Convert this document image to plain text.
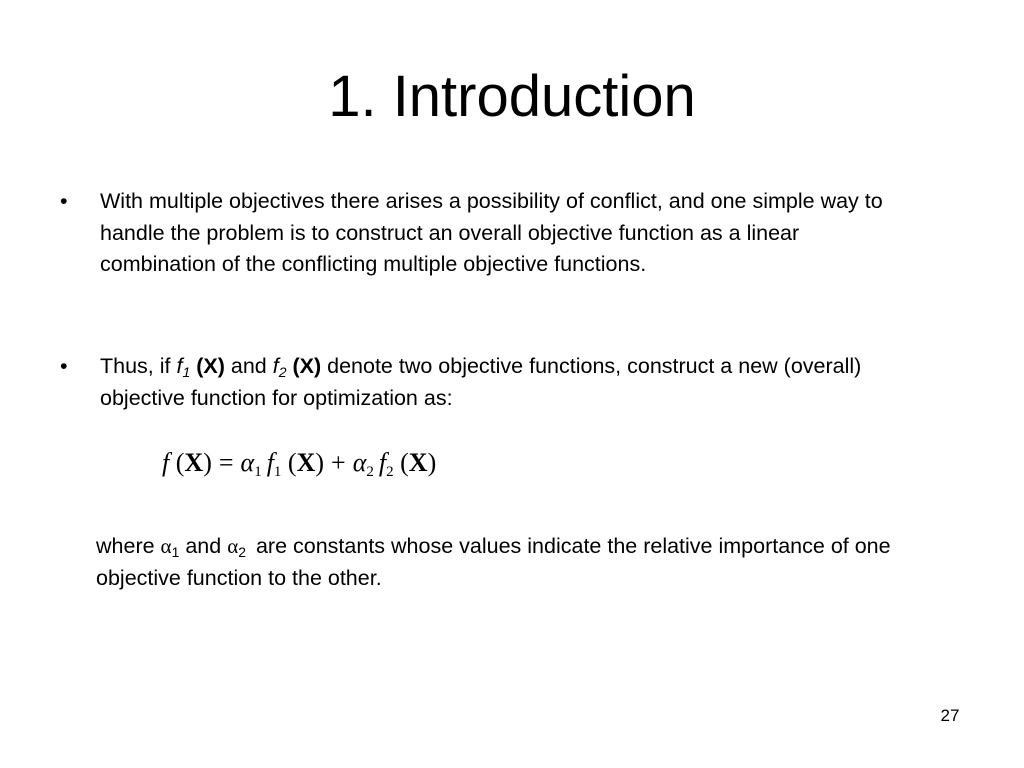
1. Introduction
•	With multiple objectives there arises a possibility of conflict, and one simple way to handle the problem is to construct an overall objective function as a linear combination of the conflicting multiple objective functions.
•	Thus, if $f_1$ (X) and $f_2$ (X) denote two objective functions, construct a new (overall) objective function for optimization as:
f $(X) = \alpha_1$ $f_1$ $(X) + \alpha_2$ $f_2$ (X)
where $\alpha_1$ and $\alpha_2$ are constants whose values indicate the relative importance of one objective function to the other.
27
